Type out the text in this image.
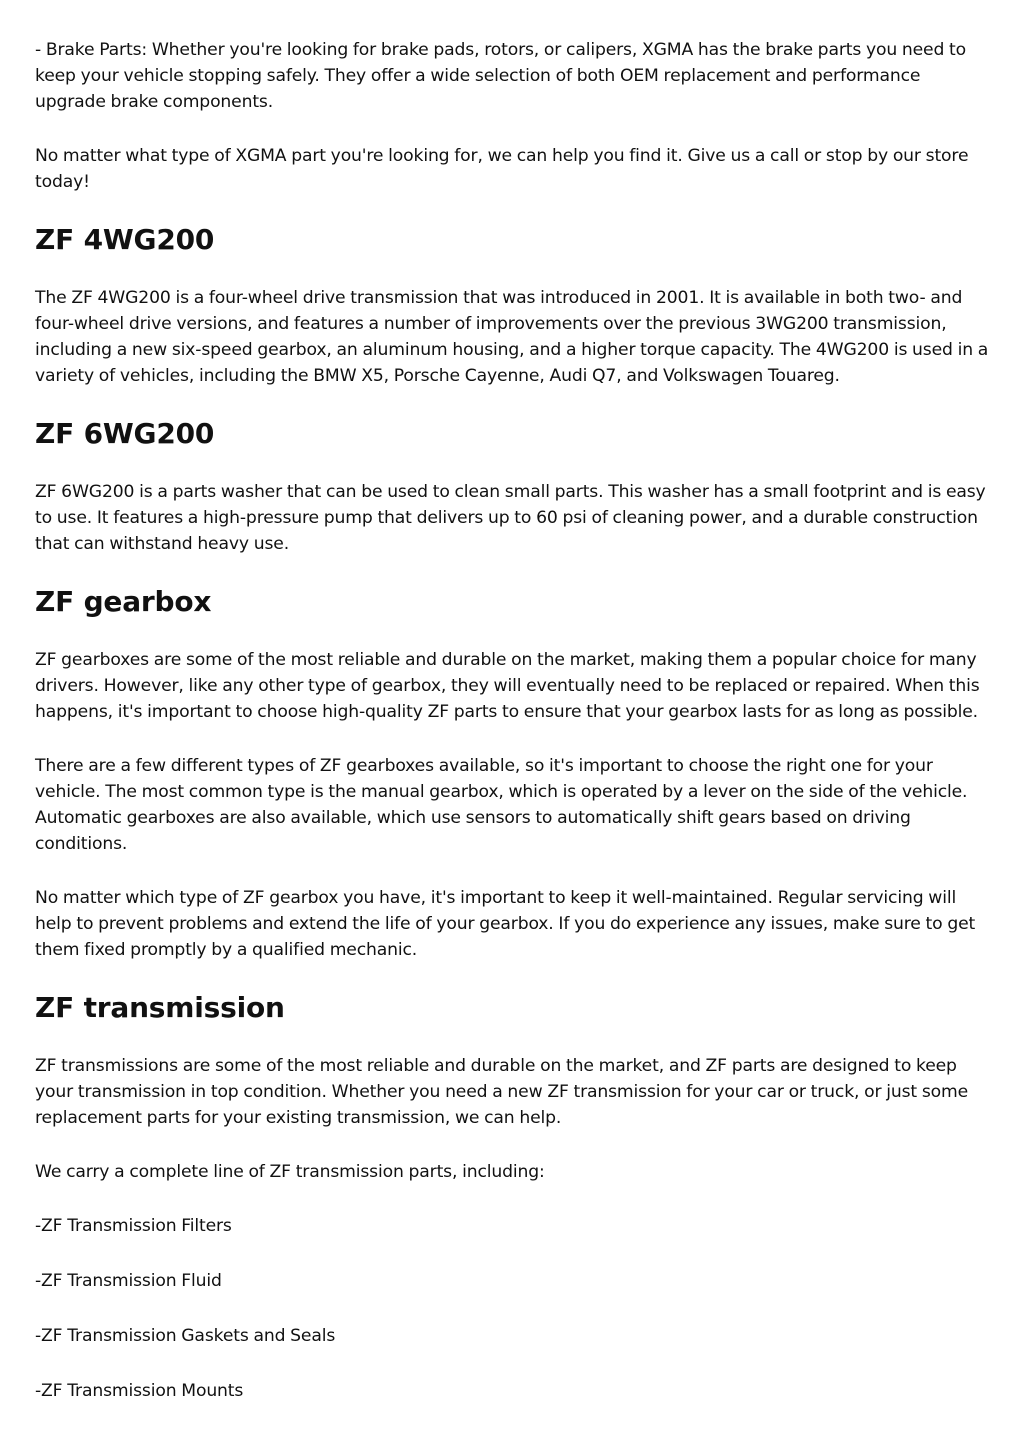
- Brake Parts: Whether you're looking for brake pads, rotors, or calipers, XGMA has the brake parts you need to keep your vehicle stopping safely. They offer a wide selection of both OEM replacement and performance upgrade brake components.

No matter what type of XGMA part you're looking for, we can help you find it. Give us a call or stop by our store today!

ZF 4WG200

The ZF 4WG200 is a four-wheel drive transmission that was introduced in 2001. It is available in both two- and four-wheel drive versions, and features a number of improvements over the previous 3WG200 transmission, including a new six-speed gearbox, an aluminum housing, and a higher torque capacity. The 4WG200 is used in a variety of vehicles, including the BMW X5, Porsche Cayenne, Audi Q7, and Volkswagen Touareg.

ZF 6WG200

ZF 6WG200 is a parts washer that can be used to clean small parts. This washer has a small footprint and is easy to use. It features a high-pressure pump that delivers up to 60 psi of cleaning power, and a durable construction that can withstand heavy use.

ZF gearbox

ZF gearboxes are some of the most reliable and durable on the market, making them a popular choice for many drivers. However, like any other type of gearbox, they will eventually need to be replaced or repaired. When this happens, it's important to choose high-quality ZF parts to ensure that your gearbox lasts for as long as possible.

There are a few different types of ZF gearboxes available, so it's important to choose the right one for your vehicle. The most common type is the manual gearbox, which is operated by a lever on the side of the vehicle. Automatic gearboxes are also available, which use sensors to automatically shift gears based on driving conditions.

No matter which type of ZF gearbox you have, it's important to keep it well-maintained. Regular servicing will help to prevent problems and extend the life of your gearbox. If you do experience any issues, make sure to get them fixed promptly by a qualified mechanic.

ZF transmission

ZF transmissions are some of the most reliable and durable on the market, and ZF parts are designed to keep your transmission in top condition. Whether you need a new ZF transmission for your car or truck, or just some replacement parts for your existing transmission, we can help.

We carry a complete line of ZF transmission parts, including:

-ZF Transmission Filters

-ZF Transmission Fluid

-ZF Transmission Gaskets and Seals

-ZF Transmission Mounts
